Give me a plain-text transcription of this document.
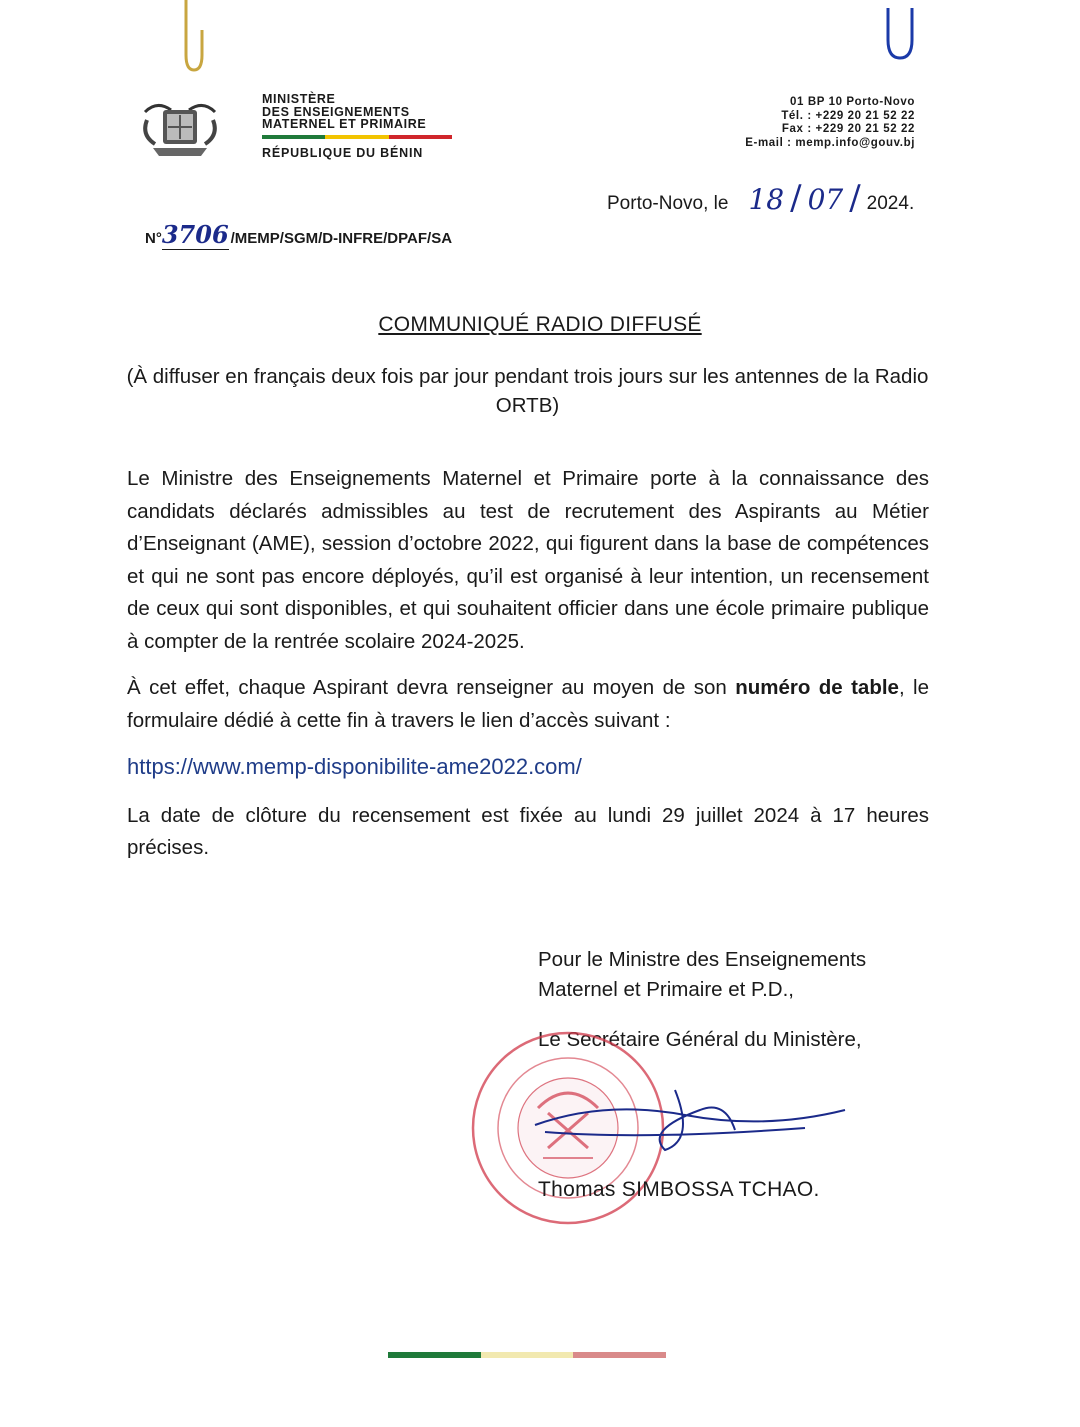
MINISTÈRE
DES ENSEIGNEMENTS
MATERNEL ET PRIMAIRE
RÉPUBLIQUE DU BÉNIN
01 BP 10 Porto-Novo
Tél. : +229 20 21 52 22
Fax : +229 20 21 52 22
E-mail : memp.info@gouv.bj
Porto-Novo, le 18 / 07 / 2024.
N° 3706 /MEMP/SGM/D-INFRE/DPAF/SA
COMMUNIQUÉ RADIO DIFFUSÉ
(À diffuser en français deux fois par jour pendant trois jours sur les antennes de la Radio ORTB)

Le Ministre des Enseignements Maternel et Primaire porte à la connaissance des candidats déclarés admissibles au test de recrutement des Aspirants au Métier d’Enseignant (AME), session d’octobre 2022, qui figurent dans la base de compétences et qui ne sont pas encore déployés, qu’il est organisé à leur intention, un recensement de ceux qui sont disponibles, et qui souhaitent officier dans une école primaire publique à compter de la rentrée scolaire 2024-2025.

À cet effet, chaque Aspirant devra renseigner au moyen de son numéro de table, le formulaire dédié à cette fin à travers le lien d’accès suivant :

https://www.memp-disponibilite-ame2022.com/

La date de clôture du recensement est fixée au lundi 29 juillet 2024 à 17 heures précises.

Pour le Ministre des Enseignements
Maternel et Primaire et P.D.,
Le Secrétaire Général du Ministère,
Thomas SIMBOSSA TCHAO.
